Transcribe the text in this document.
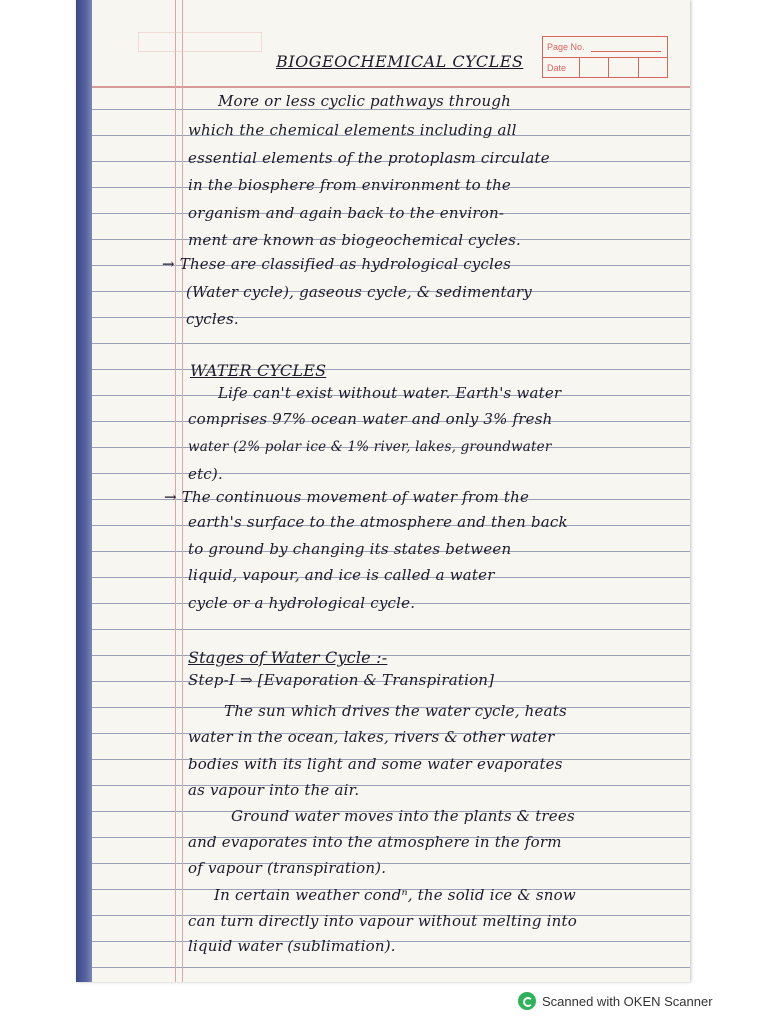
Page No.
Date
BIOGEOCHEMICAL CYCLES
More or less cyclic pathways through
which the chemical elements including all
essential elements of the protoplasm circulate
in the biosphere from environment to the
organism and again back to the environ-
ment are known as biogeochemical cycles.
→ These are classified as hydrological cycles
(Water cycle), gaseous cycle, & sedimentary
cycles.
WATER CYCLES
Life can't exist without water. Earth's water
comprises 97% ocean water and only 3% fresh
water (2% polar ice & 1% river, lakes, groundwater
etc).
→ The continuous movement of water from the
earth's surface to the atmosphere and then back
to ground by changing its states between
liquid, vapour, and ice is called a water
cycle or a hydrological cycle.
Stages of Water Cycle :-
Step-I ⇒ [Evaporation & Transpiration]
The sun which drives the water cycle, heats
water in the ocean, lakes, rivers & other water
bodies with its light and some water evaporates
as vapour into the air.
Ground water moves into the plants & trees
and evaporates into the atmosphere in the form
of vapour (transpiration).
In certain weather condⁿ, the solid ice & snow
can turn directly into vapour without melting into
liquid water (sublimation).
Scanned with OKEN Scanner
